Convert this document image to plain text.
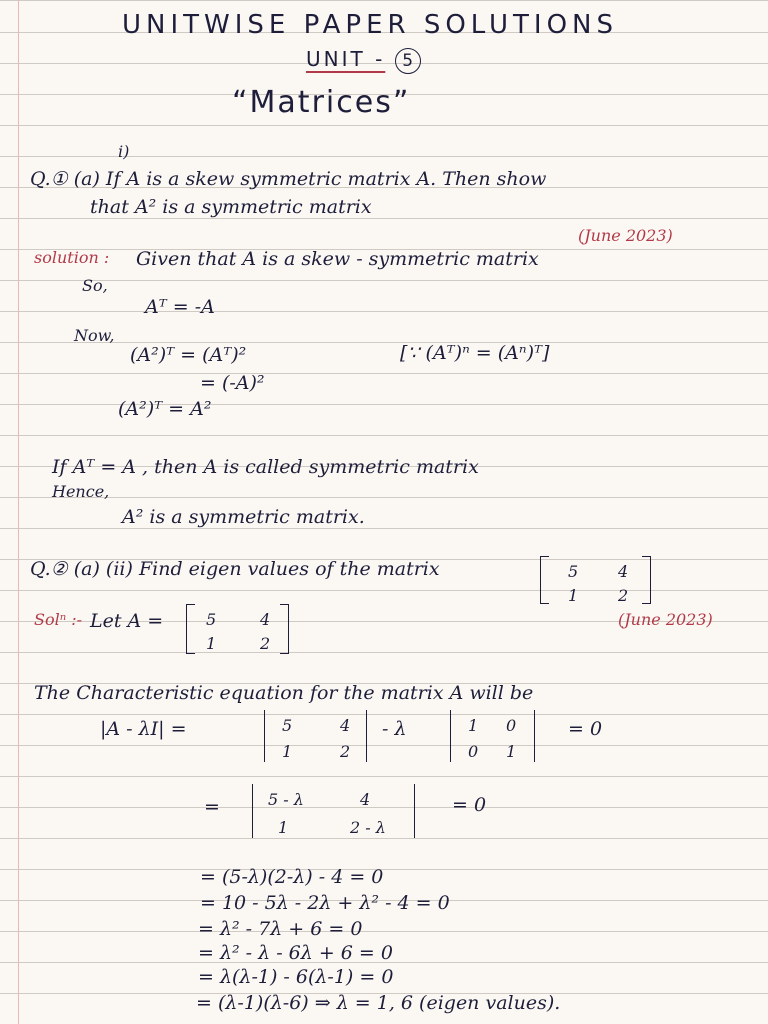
UNITWISE PAPER SOLUTIONS
UNIT - 5
“Matrices”
i)
Q.① (a) If A is a skew symmetric matrix A. Then show
that A² is a symmetric matrix
(June 2023)
solution : Given that A is a skew - symmetric matrix
So,
Aᵀ = -A
Now,
(A²)ᵀ = (Aᵀ)²	[∵ (Aᵀ)ⁿ = (Aⁿ)ᵀ]
= (-A)²
(A²)ᵀ = A²
If Aᵀ = A , then A is called symmetric matrix
Hence,
A² is a symmetric matrix.
Q.② (a) (ii) Find eigen values of the matrix	5 4
1 2
Solⁿ :- Let A =	5	4
1	2
(June 2023)
The Characteristic equation for the matrix A will be
|A - λI| =	5	4
1	2
- λ	1 0
0 1
= 0
=	5 - λ	4
1	2 - λ
= 0
= (5-λ)(2-λ) - 4 = 0
= 10 - 5λ - 2λ + λ² - 4 = 0
= λ² - 7λ + 6 = 0
= λ² - λ - 6λ + 6 = 0
= λ(λ-1) - 6(λ-1) = 0
= (λ-1)(λ-6) ⇒ λ = 1, 6 (eigen values).
